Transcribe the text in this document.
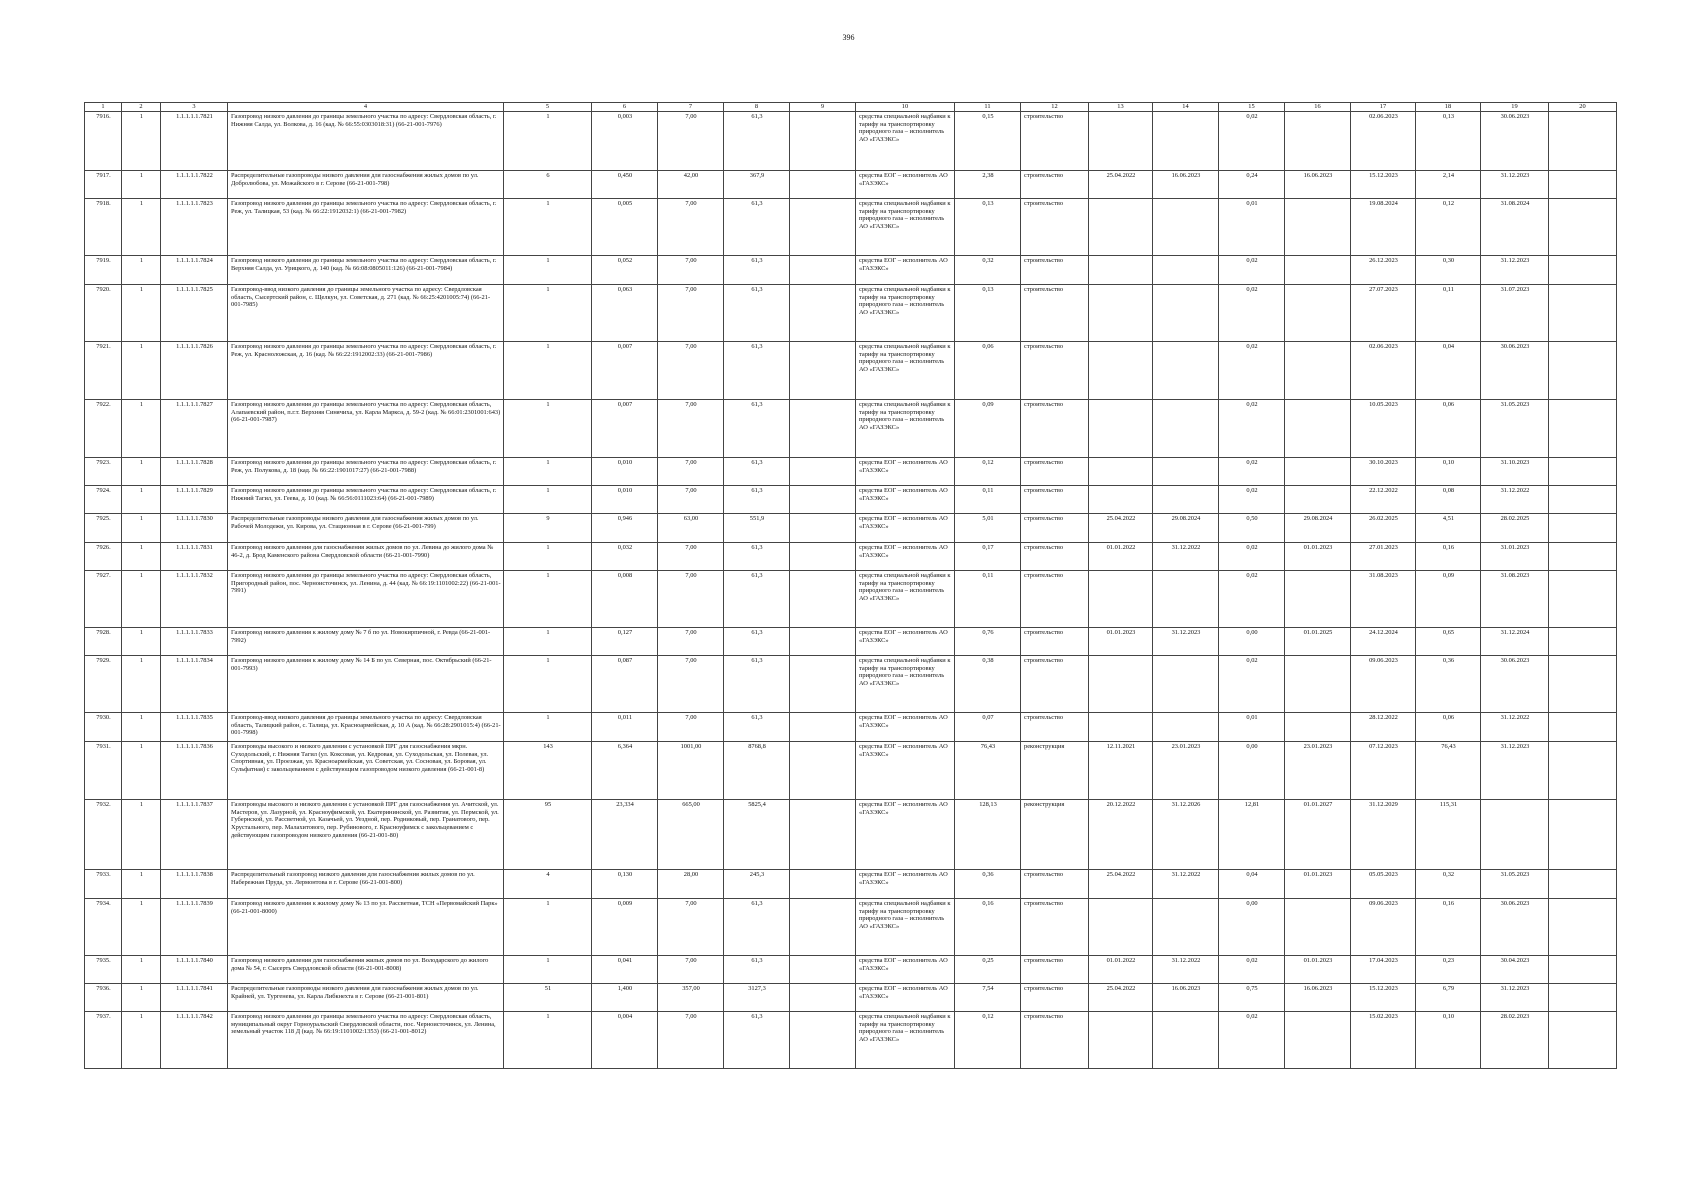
396
1	2	3	4	5	6	7	8	9	10	11	12	13	14	15	16	17	18	19	20
7916.	1	1.1.1.1.1.7821	Газопровод низкого давления до границы земельного участка по адресу: Свердловская область, г. Нижняя Салда, ул. Волкова, д. 16 (кад. № 66:55:0303018:31) (66-21-001-7976)	1	0,003	7,00	61,3		средства специальной надбавки к тарифу на транспортировку природного газа – исполнитель АО «ГАЗЭКС»	0,15	строительство			0,02		02.06.2023	0,13	30.06.2023	
7917.	1	1.1.1.1.1.7822	Распределительные газопроводы низкого давления для газоснабжения жилых домов по ул. Добролюбова, ул. Можайского в г. Серове (66-21-001-798)	6	0,450	42,00	367,9		средства ЕОГ – исполнитель АО «ГАЗЭКС»	2,38	строительство	25.04.2022	16.06.2023	0,24	16.06.2023	15.12.2023	2,14	31.12.2023	
7918.	1	1.1.1.1.1.7823	Газопровод низкого давления до границы земельного участка по адресу: Свердловская область, г. Реж, ул. Талицкая, 53 (кад. № 66:22:1912032:1) (66-21-001-7982)	1	0,005	7,00	61,3		средства специальной надбавки к тарифу на транспортировку природного газа – исполнитель АО «ГАЗЭКС»	0,13	строительство			0,01		19.08.2024	0,12	31.08.2024	
7919.	1	1.1.1.1.1.7824	Газопровод низкого давления до границы земельного участка по адресу: Свердловская область, г. Верхняя Салда, ул. Урицкого, д. 140 (кад. № 66:08:0805011:126) (66-21-001-7984)	1	0,052	7,00	61,3		средства ЕОГ – исполнитель АО «ГАЗЭКС»	0,32	строительство			0,02		26.12.2023	0,30	31.12.2023	
7920.	1	1.1.1.1.1.7825	Газопровод-ввод низкого давления до границы земельного участка по адресу: Свердловская область, Сысертский район, с. Щелкун, ул. Советская, д. 271 (кад. № 66:25:4201005:74) (66-21-001-7985)	1	0,063	7,00	61,3		средства специальной надбавки к тарифу на транспортировку природного газа – исполнитель АО «ГАЗЭКС»	0,13	строительство			0,02		27.07.2023	0,11	31.07.2023	
7921.	1	1.1.1.1.1.7826	Газопровод низкого давления до границы земельного участка по адресу: Свердловская область, г. Реж, ул. Красноложская, д. 16 (кад. № 66:22:1912002:33) (66-21-001-7986)	1	0,007	7,00	61,3		средства специальной надбавки к тарифу на транспортировку природного газа – исполнитель АО «ГАЗЭКС»	0,06	строительство			0,02		02.06.2023	0,04	30.06.2023	
7922.	1	1.1.1.1.1.7827	Газопровод низкого давления до границы земельного участка по адресу: Свердловская область, Алапаевский район, п.г.т. Верхняя Синячиха, ул. Карла Маркса, д. 59-2 (кад. № 66:01:2301001:643) (66-21-001-7987)	1	0,007	7,00	61,3		средства специальной надбавки к тарифу на транспортировку природного газа – исполнитель АО «ГАЗЭКС»	0,09	строительство			0,02		10.05.2023	0,06	31.05.2023	
7923.	1	1.1.1.1.1.7828	Газопровод низкого давления до границы земельного участка по адресу: Свердловская область, г. Реж, ул. Полукова, д. 18 (кад. № 66:22:1901017:27) (66-21-001-7988)	1	0,010	7,00	61,3		средства ЕОГ – исполнитель АО «ГАЗЭКС»	0,12	строительство			0,02		30.10.2023	0,10	31.10.2023	
7924.	1	1.1.1.1.1.7829	Газопровод низкого давления до границы земельного участка по адресу: Свердловская область, г. Нижний Тагил, ул. Геева, д. 10 (кад. № 66:56:0111023:64) (66-21-001-7989)	1	0,010	7,00	61,3		средства ЕОГ – исполнитель АО «ГАЗЭКС»	0,11	строительство			0,02		22.12.2022	0,08	31.12.2022	
7925.	1	1.1.1.1.1.7830	Распределительные газопроводы низкого давления для газоснабжения жилых домов по ул. Рабочей Молодежи, ул. Кирова, ул. Стационная в г. Серове (66-21-001-799)	9	0,946	63,00	551,9		средства ЕОГ – исполнитель АО «ГАЗЭКС»	5,01	строительство	25.04.2022	29.08.2024	0,50	29.08.2024	26.02.2025	4,51	28.02.2025	
7926.	1	1.1.1.1.1.7831	Газопровод низкого давления для газоснабжения жилых домов по ул. Левина до жилого дома № 46-2, д. Брод Каменского района Свердловской области (66-21-001-7990)	1	0,032	7,00	61,3		средства ЕОГ – исполнитель АО «ГАЗЭКС»	0,17	строительство	01.01.2022	31.12.2022	0,02	01.01.2023	27.01.2023	0,16	31.01.2023	
7927.	1	1.1.1.1.1.7832	Газопровод низкого давления до границы земельного участка по адресу: Свердловская область, Пригородный район, пос. Черноисточинск, ул. Ленина, д. 44 (кад. № 66:19:1101002:22) (66-21-001-7991)	1	0,008	7,00	61,3		средства специальной надбавки к тарифу на транспортировку природного газа – исполнитель АО «ГАЗЭКС»	0,11	строительство			0,02		31.08.2023	0,09	31.08.2023	
7928.	1	1.1.1.1.1.7833	Газопровод низкого давления к жилому дому № 7 б по ул. Новокирпичной, г. Ревда (66-21-001-7992)	1	0,127	7,00	61,3		средства ЕОГ – исполнитель АО «ГАЗЭКС»	0,76	строительство	01.01.2023	31.12.2023	0,00	01.01.2025	24.12.2024	0,65	31.12.2024	
7929.	1	1.1.1.1.1.7834	Газопровод низкого давления к жилому дому № 14 Б по ул. Северная, пос. Октябрьский (66-21-001-7993)	1	0,087	7,00	61,3		средства специальной надбавки к тарифу на транспортировку природного газа – исполнитель АО «ГАЗЭКС»	0,38	строительство			0,02		09.06.2023	0,36	30.06.2023	
7930.	1	1.1.1.1.1.7835	Газопровод-ввод низкого давления до границы земельного участка по адресу: Свердловская область, Талицкий район, с. Талица, ул. Красноармейская, д. 10 А (кад. № 66:28:2901015:4) (66-21-001-7998)	1	0,011	7,00	61,3		средства ЕОГ – исполнитель АО «ГАЗЭКС»	0,07	строительство			0,01		28.12.2022	0,06	31.12.2022	
7931.	1	1.1.1.1.1.7836	Газопроводы высокого и низкого давления с установкой ПРГ для газоснабжения мкрн. Суходольский, г. Нижняя Тагил (ул. Коксовая, ул. Кедровая, ул. Суходольская, ул. Полевая, ул. Спортивная, ул. Проезжая, ул. Красноармейская, ул. Советская, ул. Сосновая, ул. Боровая, ул. Сульфатная) с закольцеванием с действующим газопроводом низкого давления (66-21-001-8)	143	6,364	1001,00	8768,8		средства ЕОГ – исполнитель АО «ГАЗЭКС»	76,43	реконструкция	12.11.2021	23.01.2023	0,00	23.01.2023	07.12.2023	76,43	31.12.2023	
7932.	1	1.1.1.1.1.7837	Газопроводы высокого и низкого давления с установкой ПРГ для газоснабжения ул. Ачитской, ул. Мастеров, ул. Лазурной, ул. Красноуфимской, ул. Екатерининской, ул. Развития, ул. Пермской, ул. Губернской, ул. Рассветной, ул. Казачьей, ул. Уездной, пер. Родниковый, пер. Гранатового, пер. Хрустального, пер. Малахитового, пер. Рубинового, г. Красноуфимск с закольцеванием с действующим газопроводом низкого давления (66-21-001-80)	95	23,334	665,00	5825,4		средства ЕОГ – исполнитель АО «ГАЗЭКС»	128,13	реконструкция	20.12.2022	31.12.2026	12,81	01.01.2027	31.12.2029	115,31		
7933.	1	1.1.1.1.1.7838	Распределительный газопровод низкого давления для газоснабжения жилых домов по ул. Набережная Пруда, ул. Лермонтова в г. Серове (66-21-001-800)	4	0,130	28,00	245,3		средства ЕОГ – исполнитель АО «ГАЗЭКС»	0,36	строительство	25.04.2022	31.12.2022	0,04	01.01.2023	05.05.2023	0,32	31.05.2023	
7934.	1	1.1.1.1.1.7839	Газопровод низкого давления к жилому дому № 13 по ул. Рассветная, ТСН «Первомайский Парк» (66-21-001-8000)	1	0,009	7,00	61,3		средства специальной надбавки к тарифу на транспортировку природного газа – исполнитель АО «ГАЗЭКС»	0,16	строительство			0,00		09.06.2023	0,16	30.06.2023	
7935.	1	1.1.1.1.1.7840	Газопровод низкого давления для газоснабжения жилых домов по ул. Володарского до жилого дома № 54, г. Сысерть Свердловской области (66-21-001-8008)	1	0,041	7,00	61,3		средства ЕОГ – исполнитель АО «ГАЗЭКС»	0,25	строительство	01.01.2022	31.12.2022	0,02	01.01.2023	17.04.2023	0,23	30.04.2023	
7936.	1	1.1.1.1.1.7841	Распределительные газопроводы низкого давления для газоснабжения жилых домов по ул. Крайней, ул. Тургенева, ул. Карла Либкнехта в г. Серове (66-21-001-801)	51	1,400	357,00	3127,3		средства ЕОГ – исполнитель АО «ГАЗЭКС»	7,54	строительство	25.04.2022	16.06.2023	0,75	16.06.2023	15.12.2023	6,79	31.12.2023	
7937.	1	1.1.1.1.1.7842	Газопровод низкого давления до границы земельного участка по адресу: Свердловская область, муниципальный округ Горноуральский Свердловской области, пос. Черноисточинск, ул. Ленина, земельный участок 118 Д (кад. № 66:19:1101002:1353) (66-21-001-8012)	1	0,004	7,00	61,3		средства специальной надбавки к тарифу на транспортировку природного газа – исполнитель АО «ГАЗЭКС»	0,12	строительство			0,02		15.02.2023	0,10	28.02.2023	
